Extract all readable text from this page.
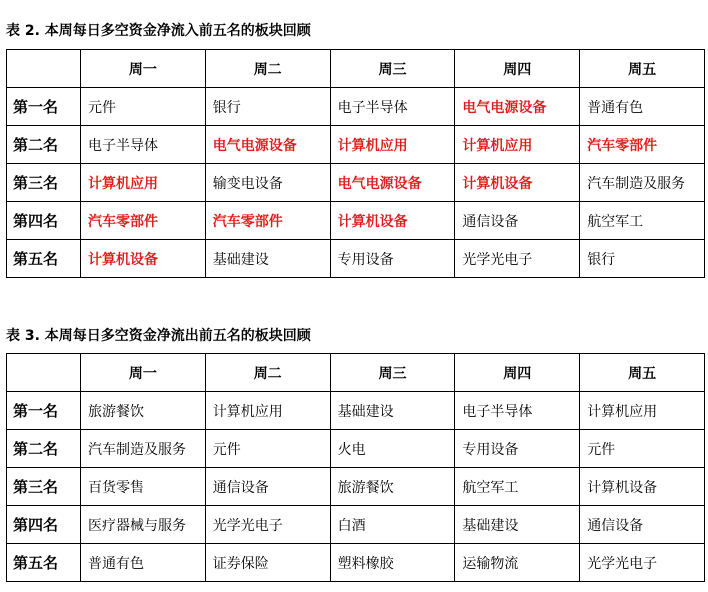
表 2. 本周每日多空资金净流入前五名的板块回顾
	周一	周二	周三	周四	周五
第一名	元件	银行	电子半导体	电气电源设备	普通有色
第二名	电子半导体	电气电源设备	计算机应用	计算机应用	汽车零部件
第三名	计算机应用	输变电设备	电气电源设备	计算机设备	汽车制造及服务
第四名	汽车零部件	汽车零部件	计算机设备	通信设备	航空军工
第五名	计算机设备	基础建设	专用设备	光学光电子	银行
表 3. 本周每日多空资金净流出前五名的板块回顾
	周一	周二	周三	周四	周五
第一名	旅游餐饮	计算机应用	基础建设	电子半导体	计算机应用
第二名	汽车制造及服务	元件	火电	专用设备	元件
第三名	百货零售	通信设备	旅游餐饮	航空军工	计算机设备
第四名	医疗器械与服务	光学光电子	白酒	基础建设	通信设备
第五名	普通有色	证券保险	塑料橡胶	运输物流	光学光电子
